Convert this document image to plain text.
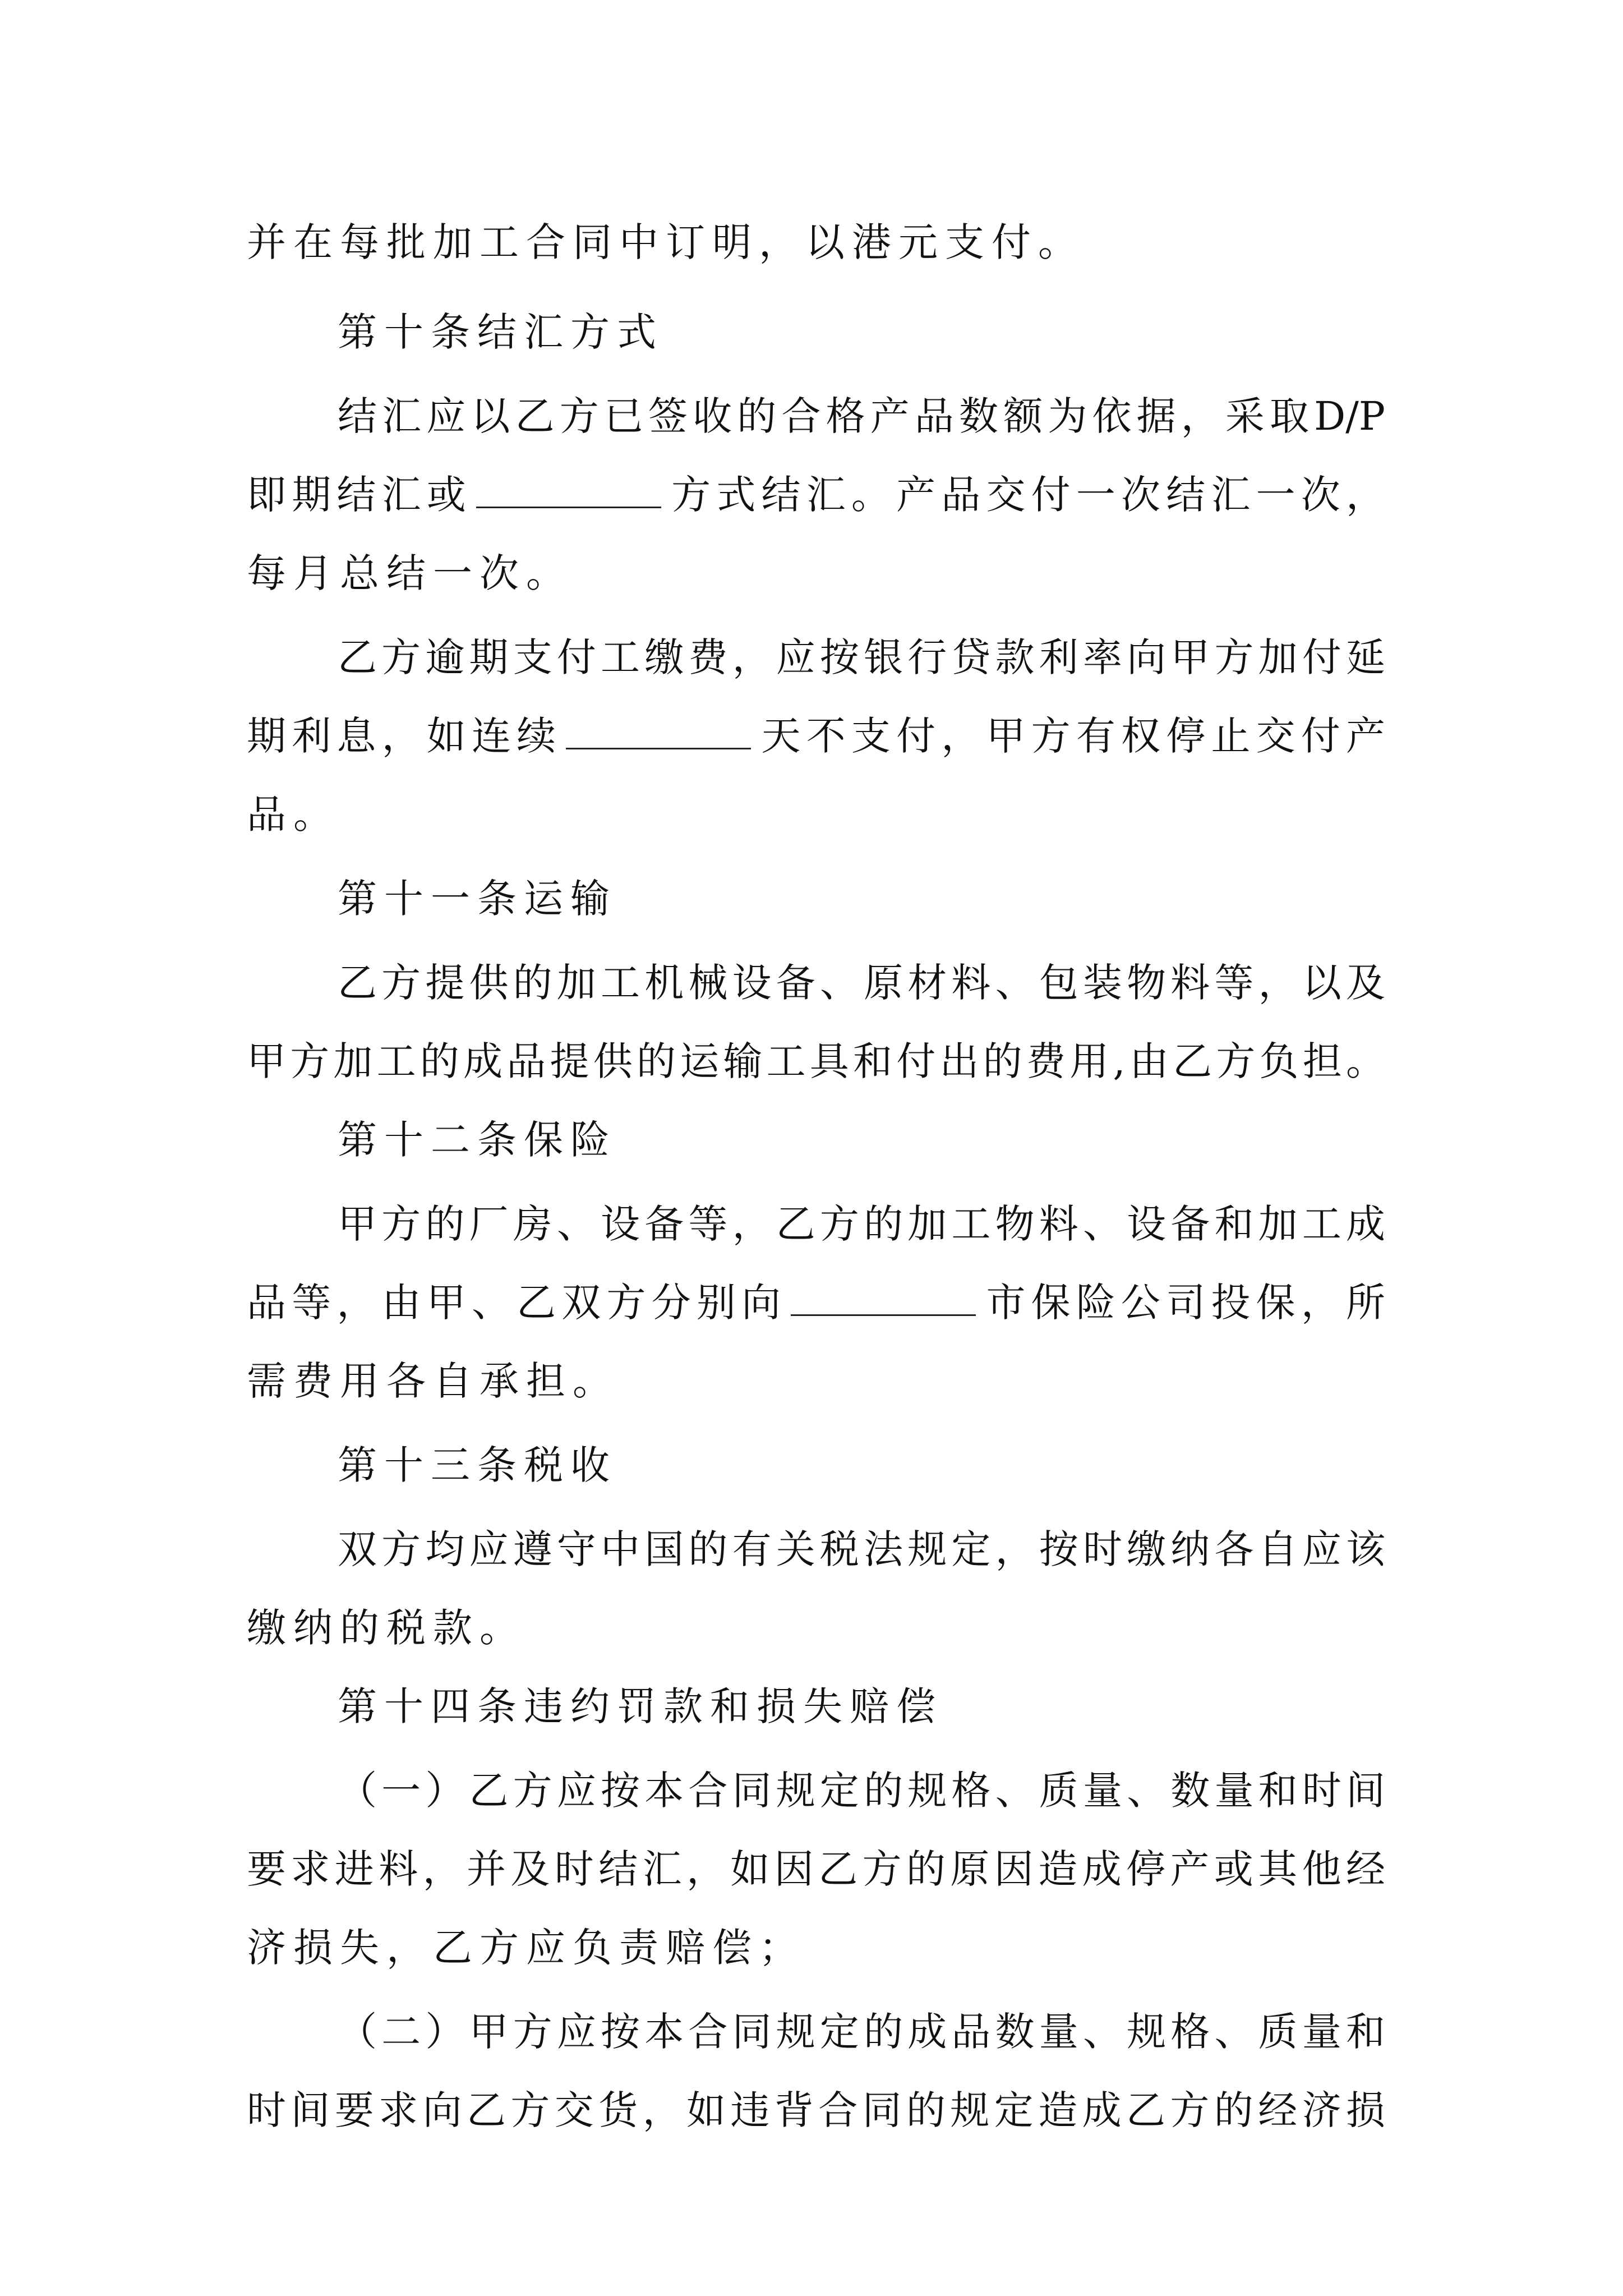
并在每批加工合同中订明，以港元支付。
第十条结汇方式
结汇应以乙方已签收的合格产品数额为依据，采取D/P
即期结汇或	方式结汇。产品交付一次结汇一次，
每月总结一次。
乙方逾期支付工缴费，应按银行贷款利率向甲方加付延
期利息，如连续	天不支付，甲方有权停止交付产
品。
第十一条运输
乙方提供的加工机械设备、原材料、包装物料等，以及
甲方加工的成品提供的运输工具和付出的费用,由乙方负担。
第十二条保险
甲方的厂房、设备等，乙方的加工物料、设备和加工成
品等，由甲、乙双方分别向	市保险公司投保，所
需费用各自承担。
第十三条税收
双方均应遵守中国的有关税法规定，按时缴纳各自应该
缴纳的税款。
第十四条违约罚款和损失赔偿
（一）乙方应按本合同规定的规格、质量、数量和时间
要求进料，并及时结汇，如因乙方的原因造成停产或其他经
济损失，乙方应负责赔偿；
（二）甲方应按本合同规定的成品数量、规格、质量和
时间要求向乙方交货，如违背合同的规定造成乙方的经济损
